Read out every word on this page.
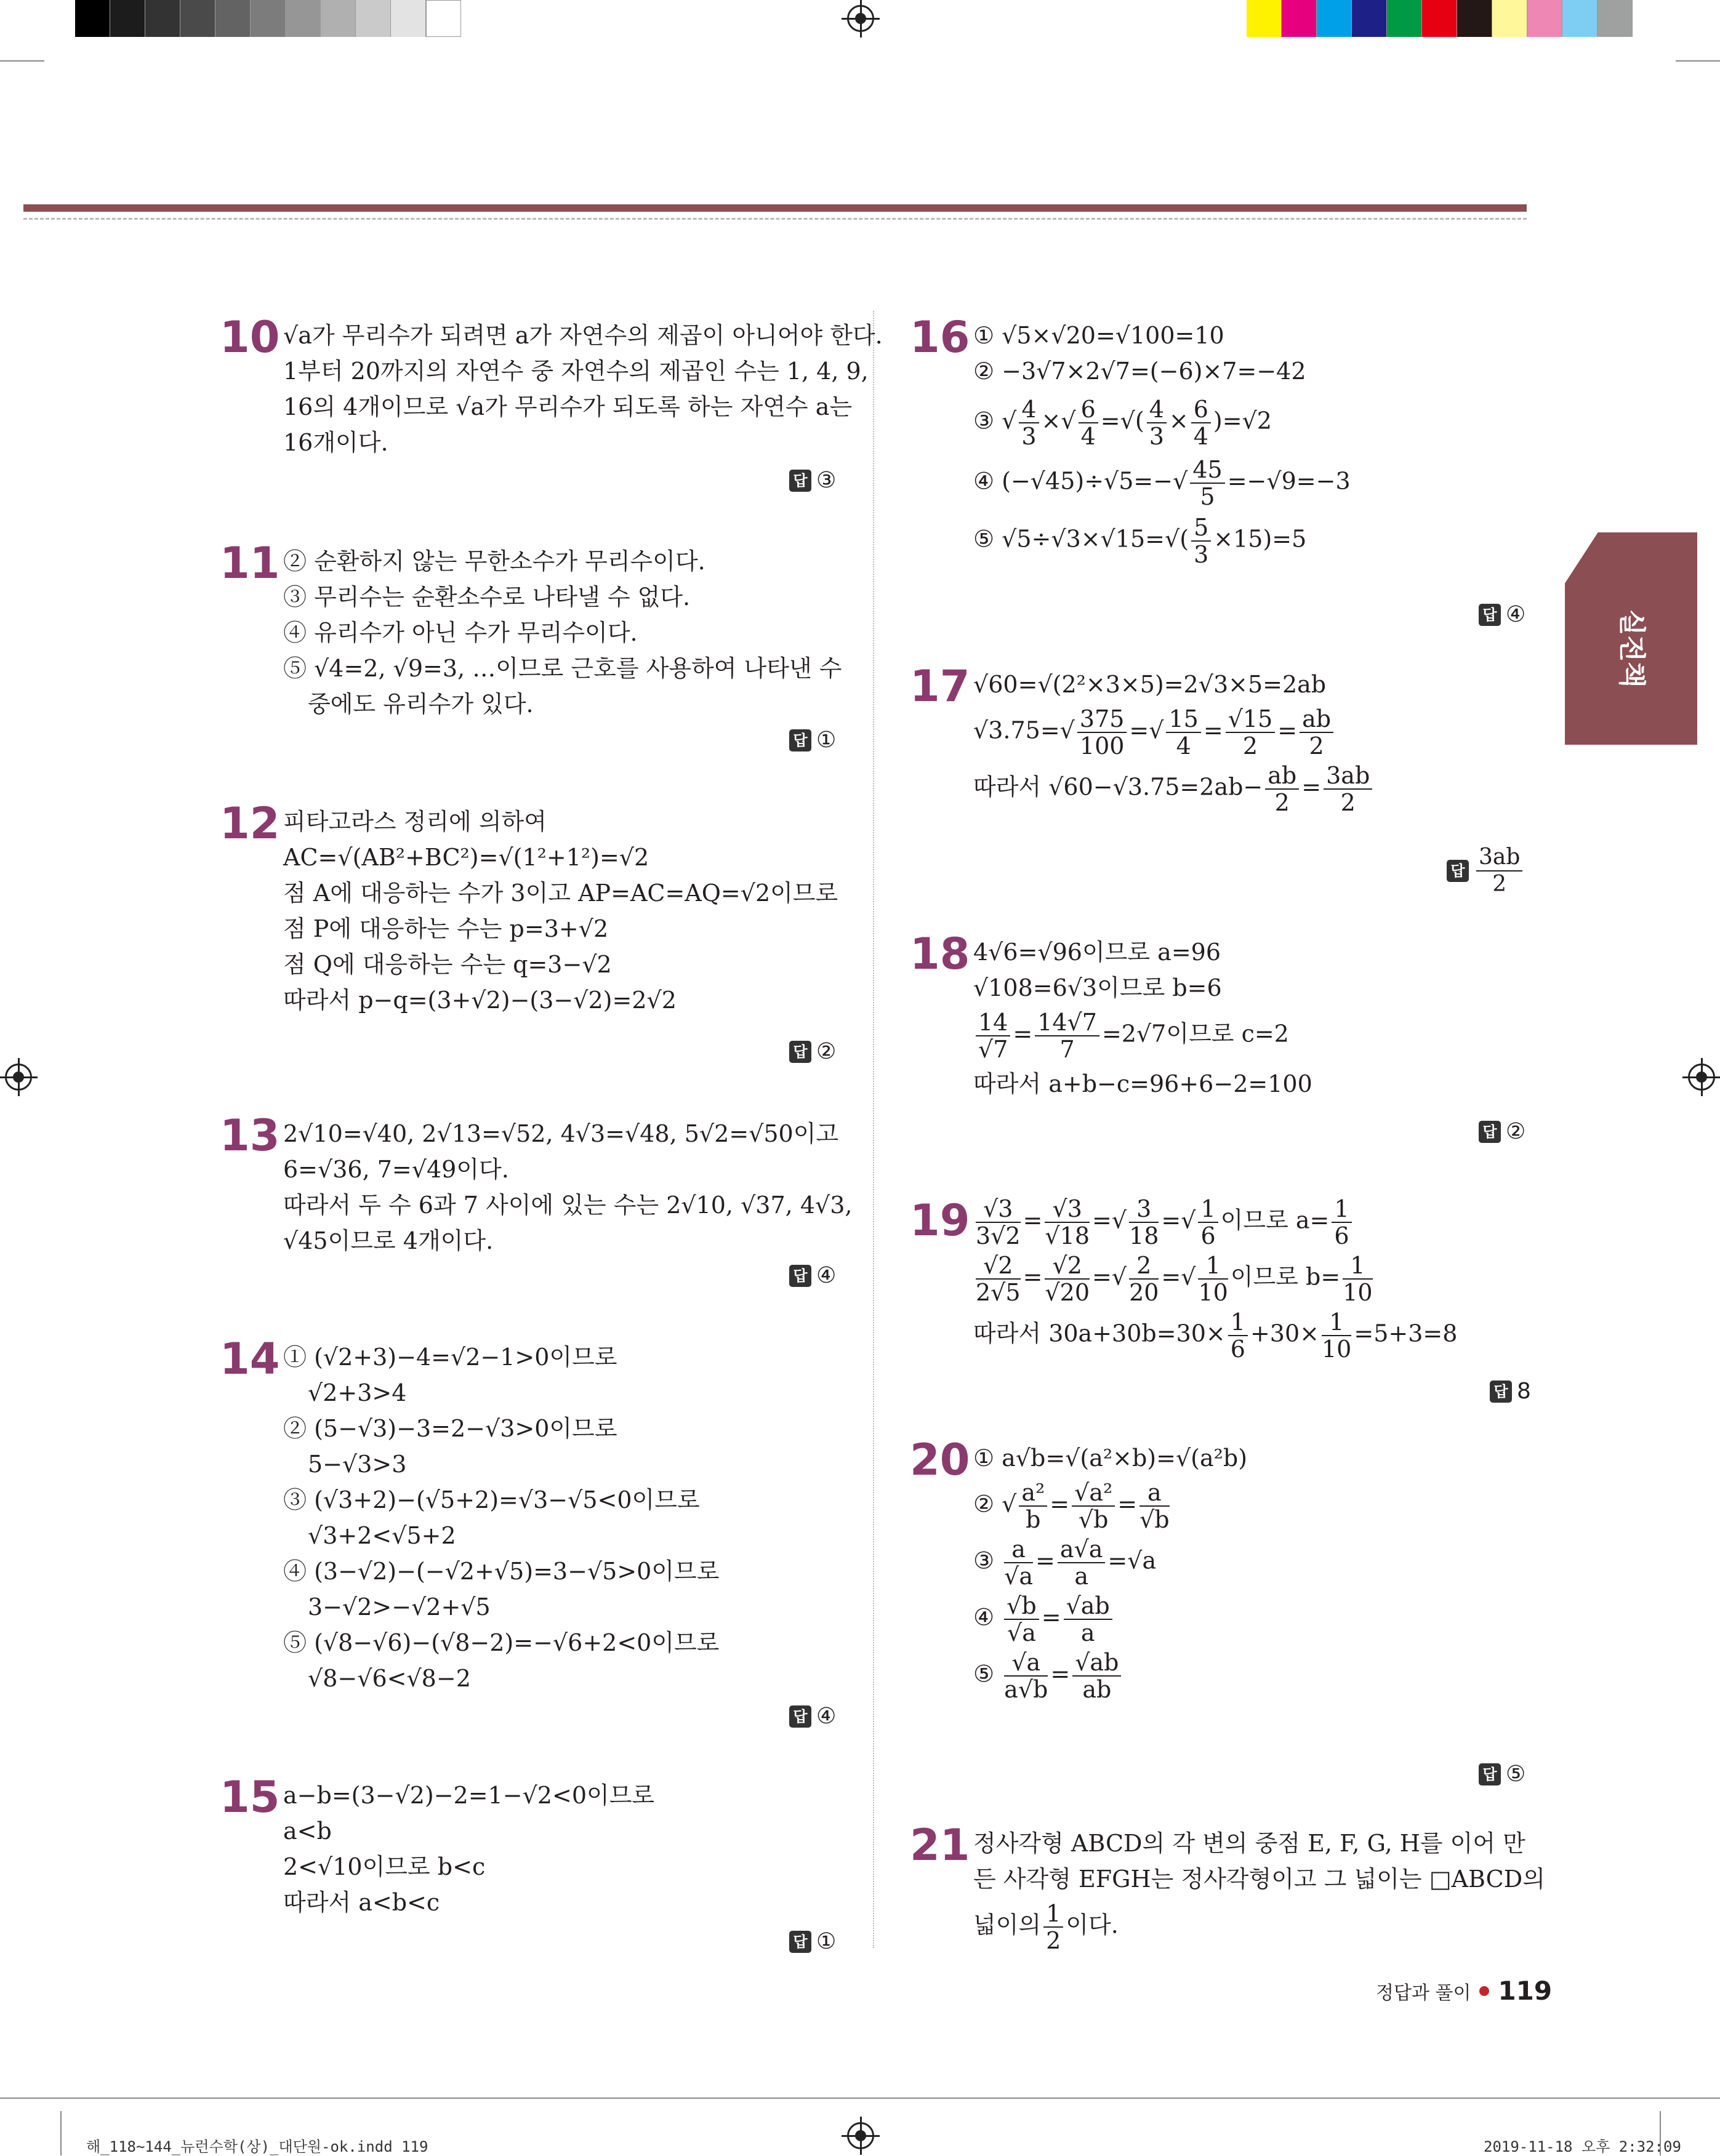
10 √a가 무리수가 되려면 a가 자연수의 제곱이 아니어야 한다.

1부터 20까지의 자연수 중 자연수의 제곱인 수는 1, 4, 9,

16의 4개이므로 √a가 무리수가 되도록 하는 자연수 a는

16개이다.

답 ③
11 ② 순환하지 않는 무한소수가 무리수이다.

③ 무리수는 순환소수로 나타낼 수 없다.

④ 유리수가 아닌 수가 무리수이다.

⑤ √4=2, √9=3, …이므로 근호를 사용하여 나타낸 수

중에도 유리수가 있다.

답 ①
12 피타고라스 정리에 의하여

AC=√(AB²+BC²)=√(1²+1²)=√2

점 A에 대응하는 수가 3이고 AP=AC=AQ=√2이므로

점 P에 대응하는 수는 p=3+√2

점 Q에 대응하는 수는 q=3−√2

따라서 p−q=(3+√2)−(3−√2)=2√2

답 ②
13 2√10=√40, 2√13=√52, 4√3=√48, 5√2=√50이고

6=√36, 7=√49이다.

따라서 두 수 6과 7 사이에 있는 수는 2√10, √37, 4√3,

√45이므로 4개이다.

답 ④
14 ① (√2+3)−4=√2−1>0이므로

√2+3>4

② (5−√3)−3=2−√3>0이므로

5−√3>3

③ (√3+2)−(√5+2)=√3−√5<0이므로

√3+2<√5+2

④ (3−√2)−(−√2+√5)=3−√5>0이므로

3−√2>−√2+√5

⑤ (√8−√6)−(√8−2)=−√6+2<0이므로

√8−√6<√8−2

답 ④
15 a−b=(3−√2)−2=1−√2<0이므로

a<b

2<√10이므로 b<c

따라서 a<b<c

답 ①
16 ① √5×√20=√100=10

② −3√7×2√7=(−6)×7=−42

③ √ $\frac{4}{3}$ ×√ $\frac{6}{4}$ =√( $\frac{4}{3} \times \frac{6}{4} )=√2$

④ $(-√45)\div√5=-√ \frac{45}{5} =-√9=-3$

⑤ $√5\div√3\times√15=√( \frac{5}{3} \times 15)=5$

답 ④
17 √60=√(2²×3×5)=2√3×5=2ab

$√3.75=√ \frac{375}{100}$ =√ $\frac{15}{4} = \frac{√15}{2} = \frac{ab}{2}$

따라서 $√60-√3.75=2ab- \frac{ab}{2} = \frac{3ab}{2}$

답 $\frac{3ab}{2}$
18 4√6=√96이므로 a=96

√108=6√3이므로 b=6

$\frac{14}{√7} = \frac{14√7}{7} =2√7$이므로 c=2

따라서 a+b−c=96+6−2=100

답 ②
$19 \frac{√3}{3√2} = \frac{√3}{√18}$ =√ $\frac{3}{18}$ =√ $\frac{1}{6}$ 이므로 $a= \frac{1}{6}$

$\frac{√2}{2√5} = \frac{√2}{√20}$ =√ $\frac{2}{20}$ =√ $\frac{1}{10}$ 이므로 $b= \frac{1}{10}$

따라서 $30a+30b=30\times \frac{1}{6} +30\times \frac{1}{10} =5+3=8$

답 8
20 ① a√b=√(a²×b)=√(a²b)

② √ $\frac{\text{a²}}{b} = \frac{\text{√a²}}{√b} = \frac{a}{√b}$

③ $\frac{a}{√a} = \frac{a√a}{a} =√a$

④ $\frac{√b}{√a} = \frac{√ab}{a}$

⑤ $\frac{√a}{a√b} = \frac{√ab}{ab}$

답 ⑤
21 정사각형 ABCD의 각 변의 중점 E, F, G, H를 이어 만

든 사각형 EFGH는 정사각형이고 그 넓이는 □ABCD의

넓이의 $\frac{1}{2}$ 이다.

정답과 풀이 119
해_118~144_뉴런수학(상)_대단원-ok.indd 119	2019-11-18 오후 2:32:09
